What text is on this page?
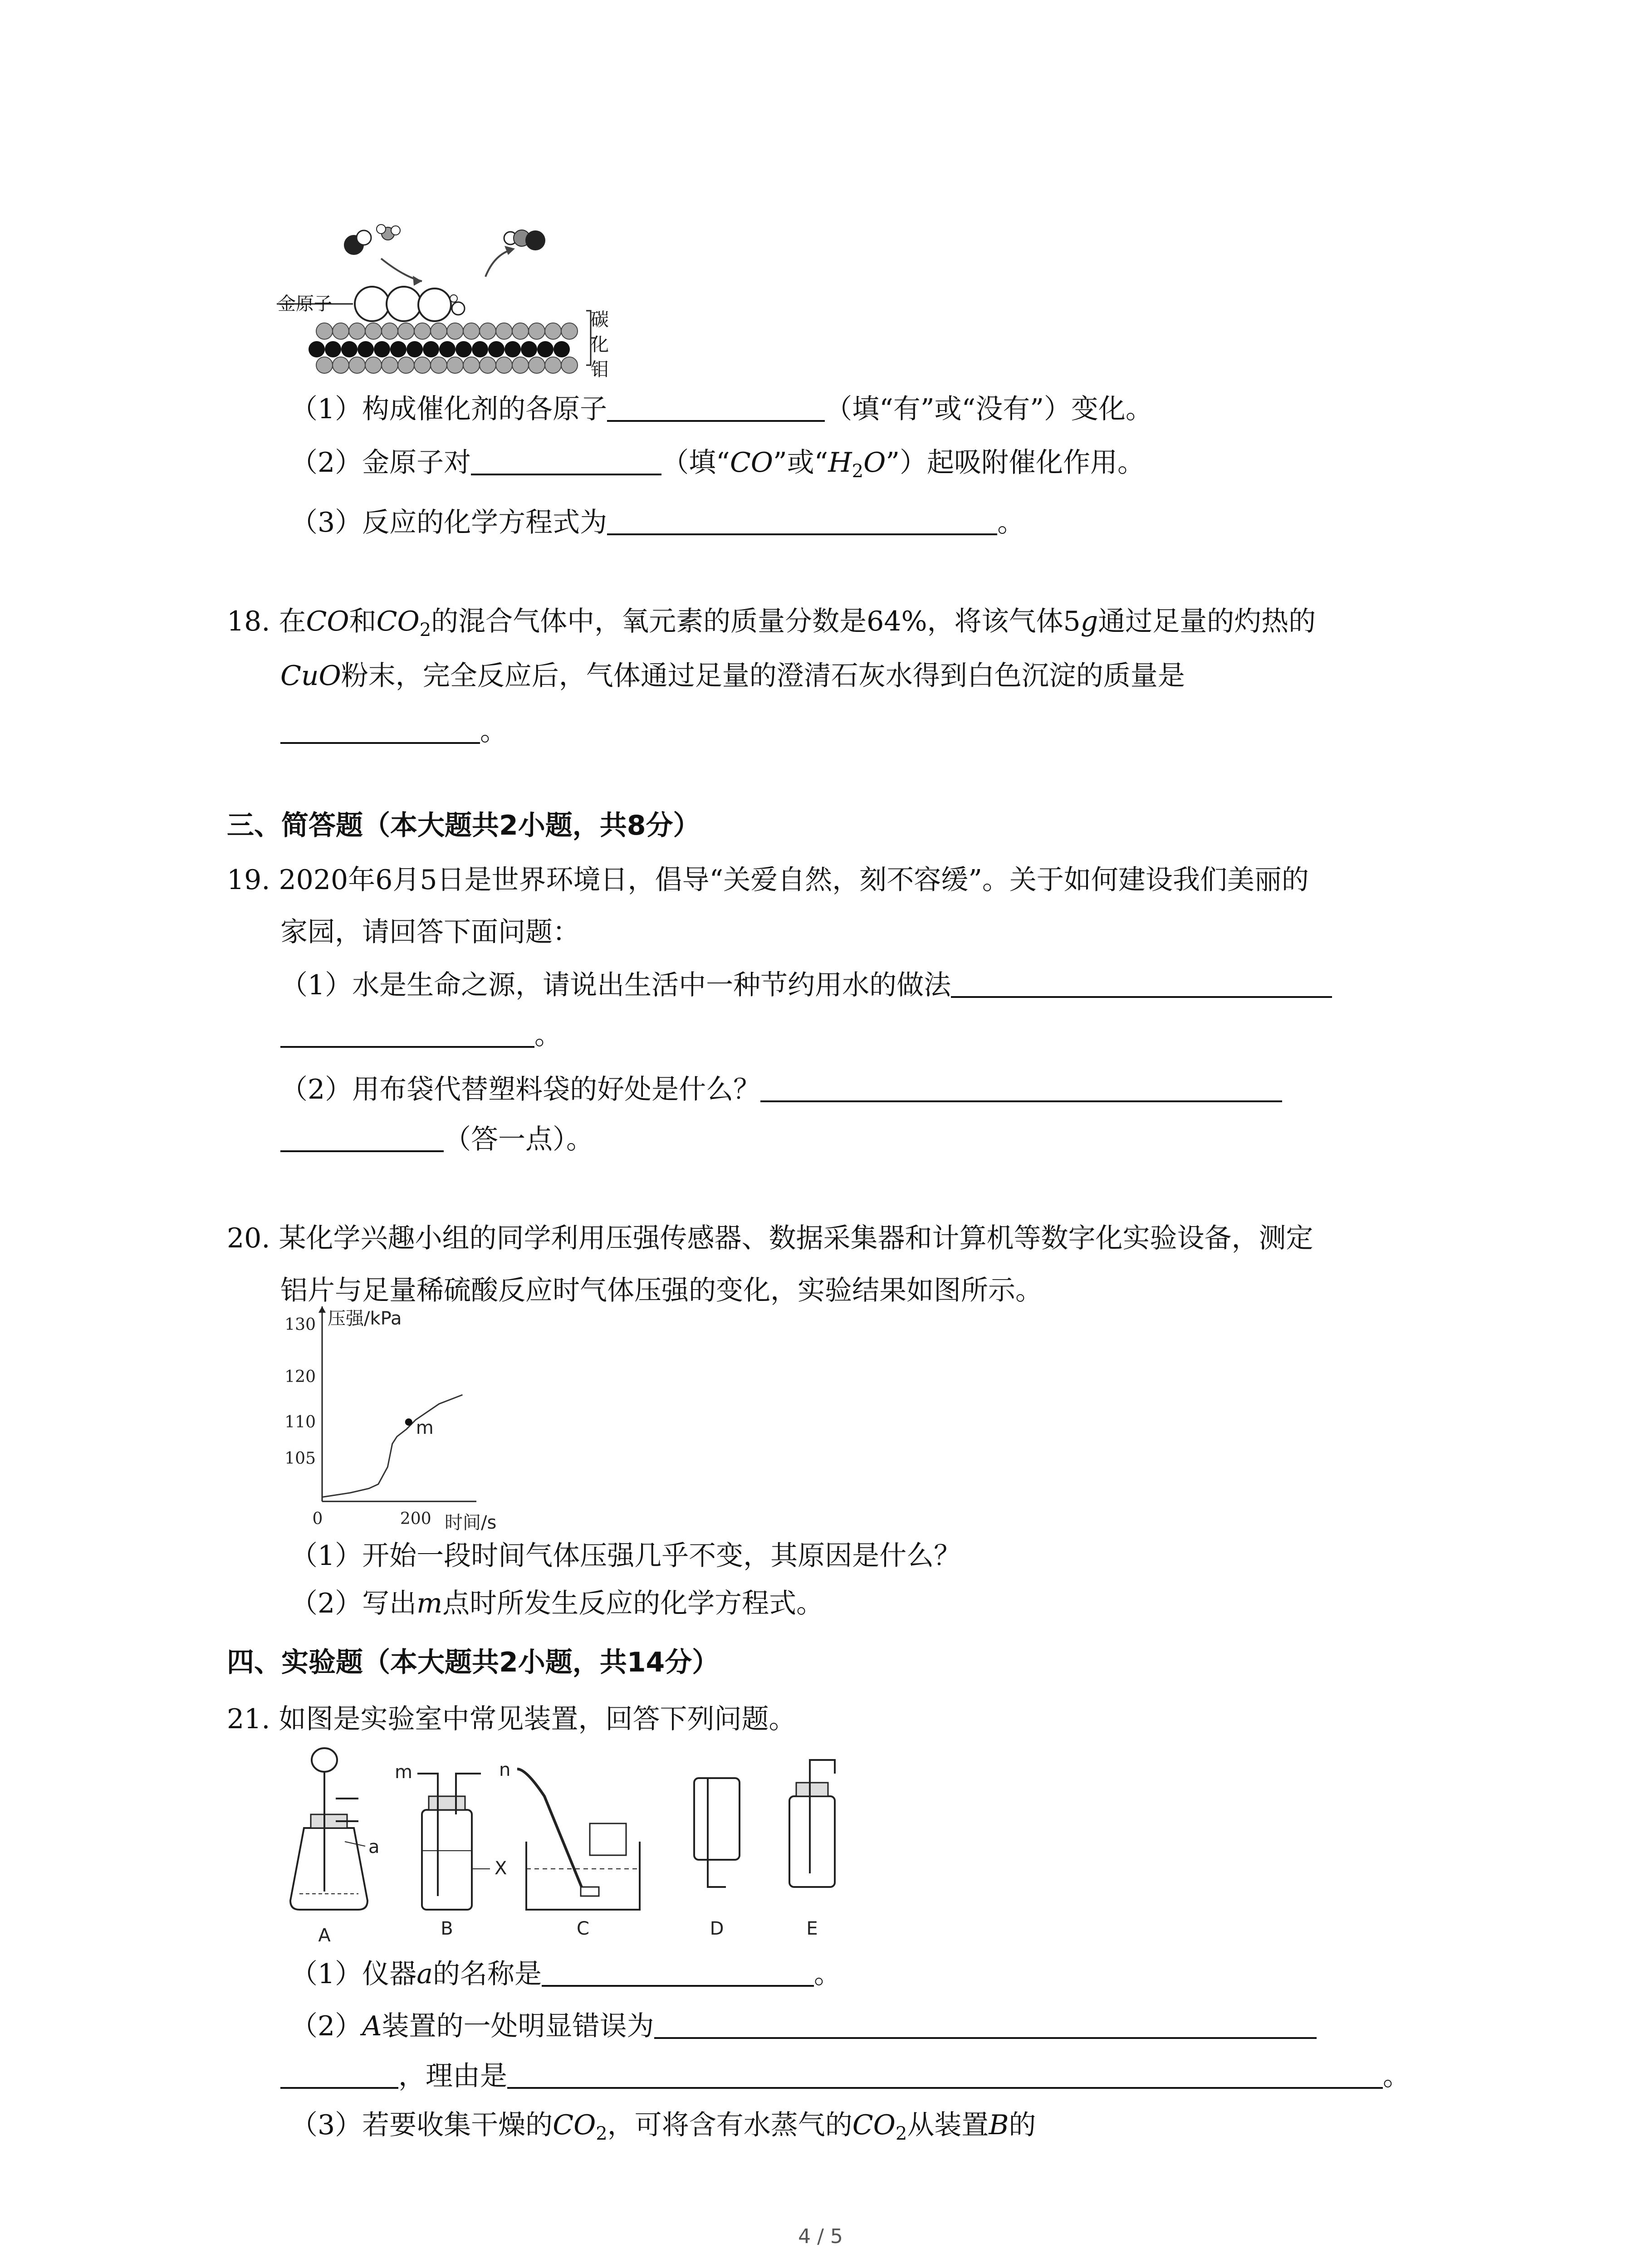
金原子
碳
化
钼
（1）构成催化剂的各原子	（填“有”或“没有”）变化。
（2）金原子对	（填“CO”或“$H_2O$”）起吸附催化作用。
（3）反应的化学方程式为	。
18. 在CO和$CO_2$的混合气体中，氧元素的质量分数是64%，将该气体5g通过足量的灼热的
CuO粉末，完全反应后，气体通过足量的澄清石灰水得到白色沉淀的质量是
。
三、简答题（本大题共2小题，共8分）
19. 2020年6月5日是世界环境日，倡导“关爱自然，刻不容缓”。关于如何建设我们美丽的
家园，请回答下面问题：
（1）水是生命之源，请说出生活中一种节约用水的做法
。
（2）用布袋代替塑料袋的好处是什么？
（答一点）。
20. 某化学兴趣小组的同学利用压强传感器、数据采集器和计算机等数字化实验设备，测定
铝片与足量稀硫酸反应时气体压强的变化，实验结果如图所示。
130
120
110
105
0	200
压强/kPa
时间/s
m
（1）开始一段时间气体压强几乎不变，其原因是什么？
（2）写出m点时所发生反应的化学方程式。
四、实验题（本大题共2小题，共14分）
21. 如图是实验室中常见装置，回答下列问题。
A	B	C	D	E
a
m	n
X
（1）仪器a的名称是	。
（2）A装置的一处明显错误为
，理由是	。
（3）若要收集干燥的$CO_2$，可将含有水蒸气的$CO_2$从装置B的
4 / 5
